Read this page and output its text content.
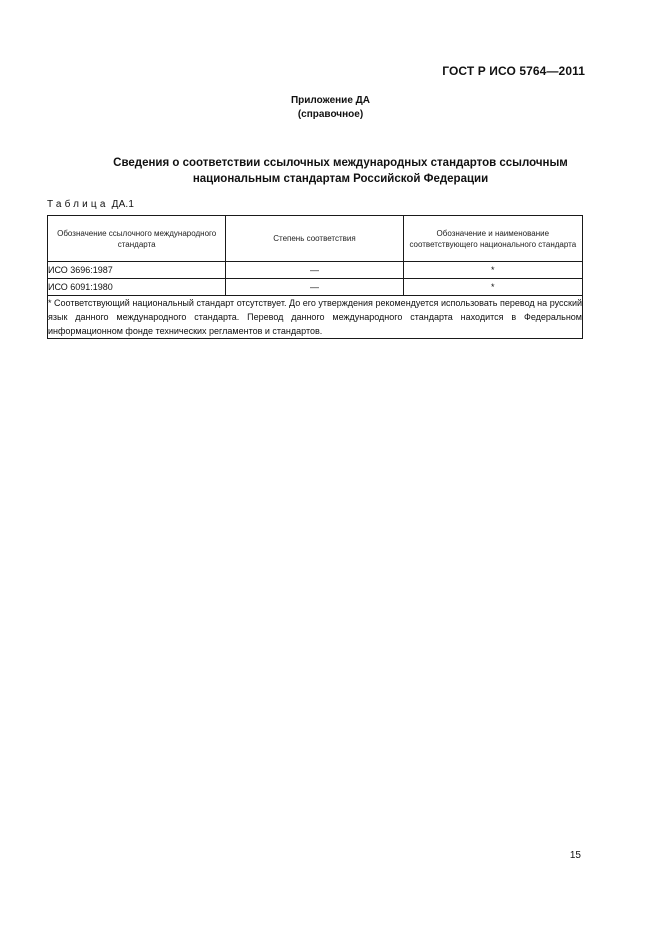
ГОСТ Р ИСО 5764—2011
Приложение ДА
(справочное)
Сведения о соответствии ссылочных международных стандартов ссылочным
национальным стандартам Российской Федерации
Таблица ДА.1
Обозначение ссылочного международного стандарта	Степень соответствия	Обозначение и наименование соответствующего национального стандарта
ИСО 3696:1987	—	*
ИСО 6091:1980	—	*
* Соответствующий национальный стандарт отсутствует. До его утверждения рекомендуется использовать перевод на русский язык данного международного стандарта. Перевод данного международного стандарта находится в Федеральном информационном фонде технических регламентов и стандартов.		
15
